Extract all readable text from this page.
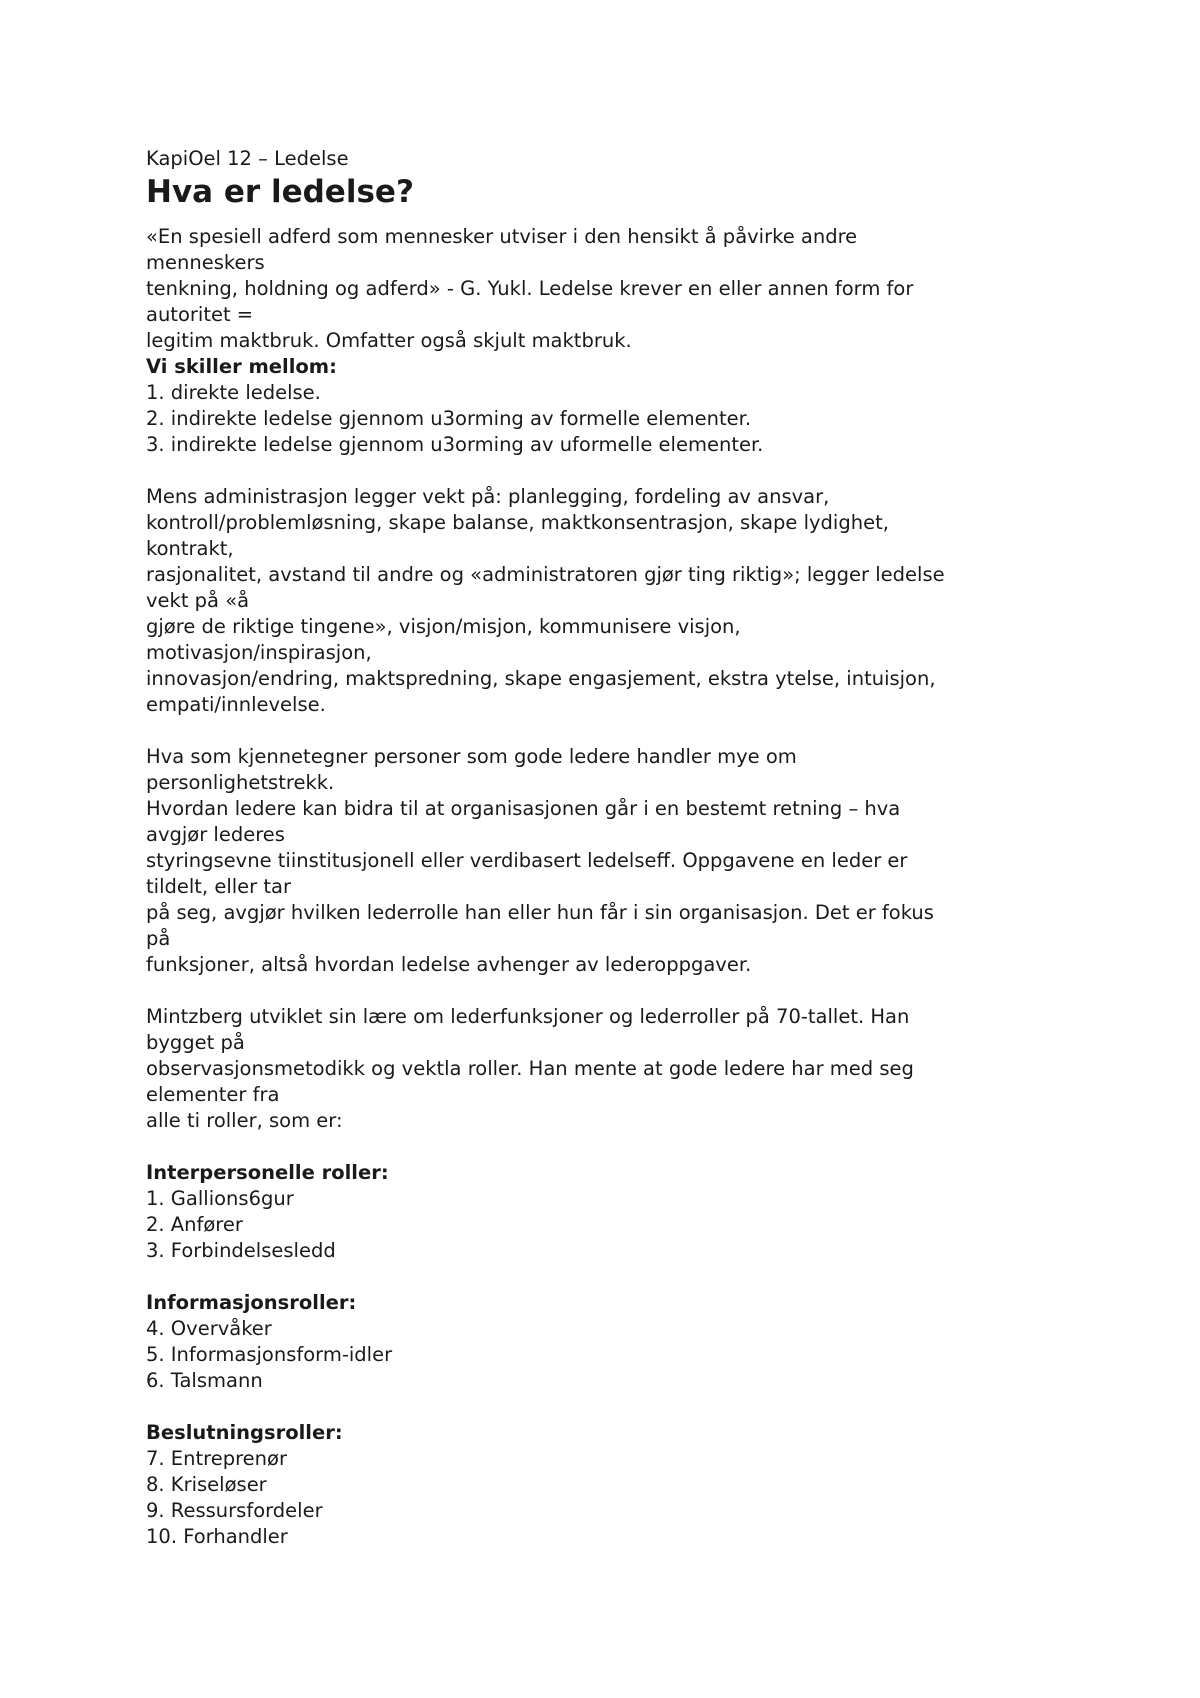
KapiOel 12 – Ledelse
Hva er ledelse?
«En spesiell adferd som mennesker utviser i den hensikt å påvirke andre
menneskers
tenkning, holdning og adferd» - G. Yukl. Ledelse krever en eller annen form for
autoritet =
legitim maktbruk. Omfatter også skjult maktbruk.
Vi skiller mellom:
1. direkte ledelse.
2. indirekte ledelse gjennom u3orming av formelle elementer.
3. indirekte ledelse gjennom u3orming av uformelle elementer.
Mens administrasjon legger vekt på: planlegging, fordeling av ansvar,
kontroll/problemløsning, skape balanse, maktkonsentrasjon, skape lydighet,
kontrakt,
rasjonalitet, avstand til andre og «administratoren gjør ting riktig»; legger ledelse
vekt på «å
gjøre de riktige tingene», visjon/misjon, kommunisere visjon,
motivasjon/inspirasjon,
innovasjon/endring, maktspredning, skape engasjement, ekstra ytelse, intuisjon,
empati/innlevelse.
Hva som kjennetegner personer som gode ledere handler mye om
personlighetstrekk.
Hvordan ledere kan bidra til at organisasjonen går i en bestemt retning – hva
avgjør lederes
styringsevne tiinstitusjonell eller verdibasert ledelseff. Oppgavene en leder er
tildelt, eller tar
på seg, avgjør hvilken lederrolle han eller hun får i sin organisasjon. Det er fokus
på
funksjoner, altså hvordan ledelse avhenger av lederoppgaver.
Mintzberg utviklet sin lære om lederfunksjoner og lederroller på 70-tallet. Han
bygget på
observasjonsmetodikk og vektla roller. Han mente at gode ledere har med seg
elementer fra
alle ti roller, som er:
Interpersonelle roller:
1. Gallions6gur
2. Anfører
3. Forbindelsesledd
Informasjonsroller:
4. Overvåker
5. Informasjonsform-idler
6. Talsmann
Beslutningsroller:
7. Entreprenør
8. Kriseløser
9. Ressursfordeler
10. Forhandler
